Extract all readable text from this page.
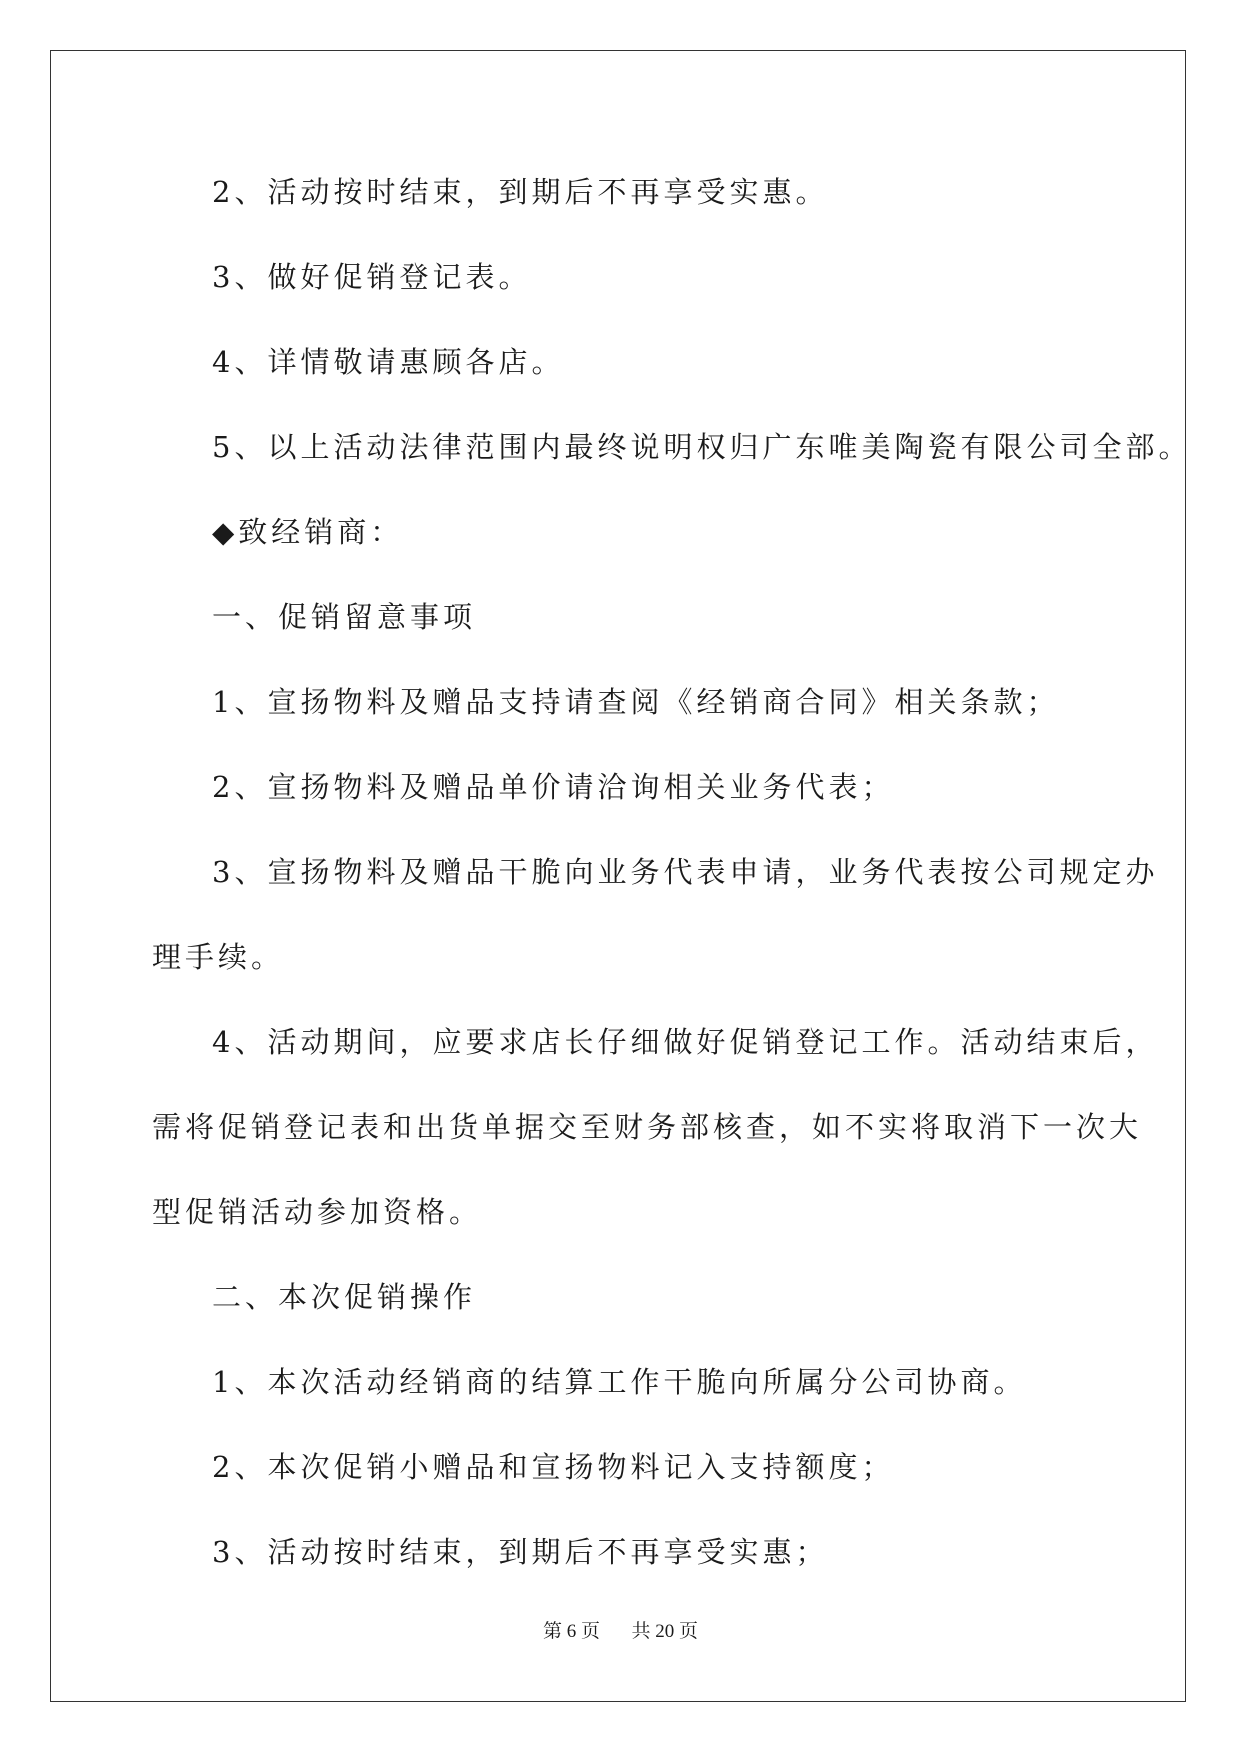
2、活动按时结束，到期后不再享受实惠。
3、做好促销登记表。
4、详情敬请惠顾各店。
5、以上活动法律范围内最终说明权归广东唯美陶瓷有限公司全部。
◆致经销商：
一、促销留意事项
1、宣扬物料及赠品支持请查阅《经销商合同》相关条款；
2、宣扬物料及赠品单价请洽询相关业务代表；
3、宣扬物料及赠品干脆向业务代表申请，业务代表按公司规定办
理手续。
4、活动期间，应要求店长仔细做好促销登记工作。活动结束后，
需将促销登记表和出货单据交至财务部核查，如不实将取消下一次大
型促销活动参加资格。
二、本次促销操作
1、本次活动经销商的结算工作干脆向所属分公司协商。
2、本次促销小赠品和宣扬物料记入支持额度；
3、活动按时结束，到期后不再享受实惠；
第 6 页 共 20 页
